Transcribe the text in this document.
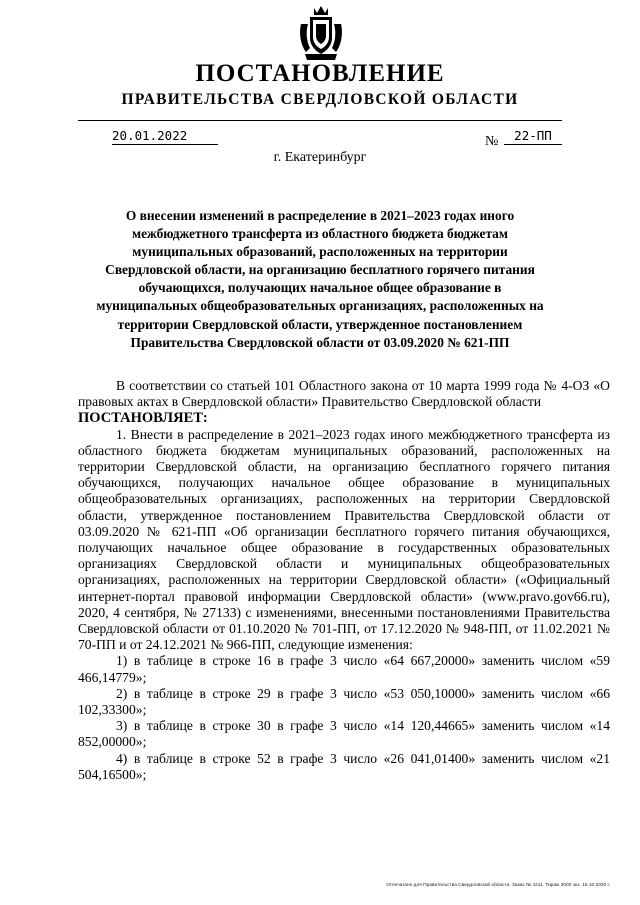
ПОСТАНОВЛЕНИЕ
ПРАВИТЕЛЬСТВА СВЕРДЛОВСКОЙ ОБЛАСТИ
20.01.2022	№	22-ПП
г. Екатеринбург
О внесении изменений в распределение в 2021–2023 годах иного межбюджетного трансферта из областного бюджета бюджетам муниципальных образований, расположенных на территории Свердловской области, на организацию бесплатного горячего питания обучающихся, получающих начальное общее образование в муниципальных общеобразовательных организациях, расположенных на территории Свердловской области, утвержденное постановлением Правительства Свердловской области от 03.09.2020 № 621-ПП

В соответствии со статьей 101 Областного закона от 10 марта 1999 года № 4-ОЗ «О правовых актах в Свердловской области» Правительство Свердловской области

ПОСТАНОВЛЯЕТ:

1. Внести в распределение в 2021–2023 годах иного межбюджетного трансферта из областного бюджета бюджетам муниципальных образований, расположенных на территории Свердловской области, на организацию бесплатного горячего питания обучающихся, получающих начальное общее образование в муниципальных общеобразовательных организациях, расположенных на территории Свердловской области, утвержденное постановлением Правительства Свердловской области от 03.09.2020 № 621-ПП «Об организации бесплатного горячего питания обучающихся, получающих начальное общее образование в государственных образовательных организациях Свердловской области и муниципальных общеобразовательных организациях, расположенных на территории Свердловской области» («Официальный интернет-портал правовой информации Свердловской области» (www.pravo.gov66.ru), 2020, 4 сентября, № 27133) с изменениями, внесенными постановлениями Правительства Свердловской области от 01.10.2020 № 701-ПП, от 17.12.2020 № 948-ПП, от 11.02.2021 № 70-ПП и от 24.12.2021 № 966-ПП, следующие изменения:

1) в таблице в строке 16 в графе 3 число «64 667,20000» заменить числом «59 466,14779»;

2) в таблице в строке 29 в графе 3 число «53 050,10000» заменить числом «66 102,33300»;

3) в таблице в строке 30 в графе 3 число «14 120,44665» заменить числом «14 852,00000»;

4) в таблице в строке 52 в графе 3 число «26 041,01400» заменить числом «21 504,16500»;

Отпечатано для Правительства Свердловской области. Заказ № 4211. Тираж 3000 экз. 16.10.2020 г.
